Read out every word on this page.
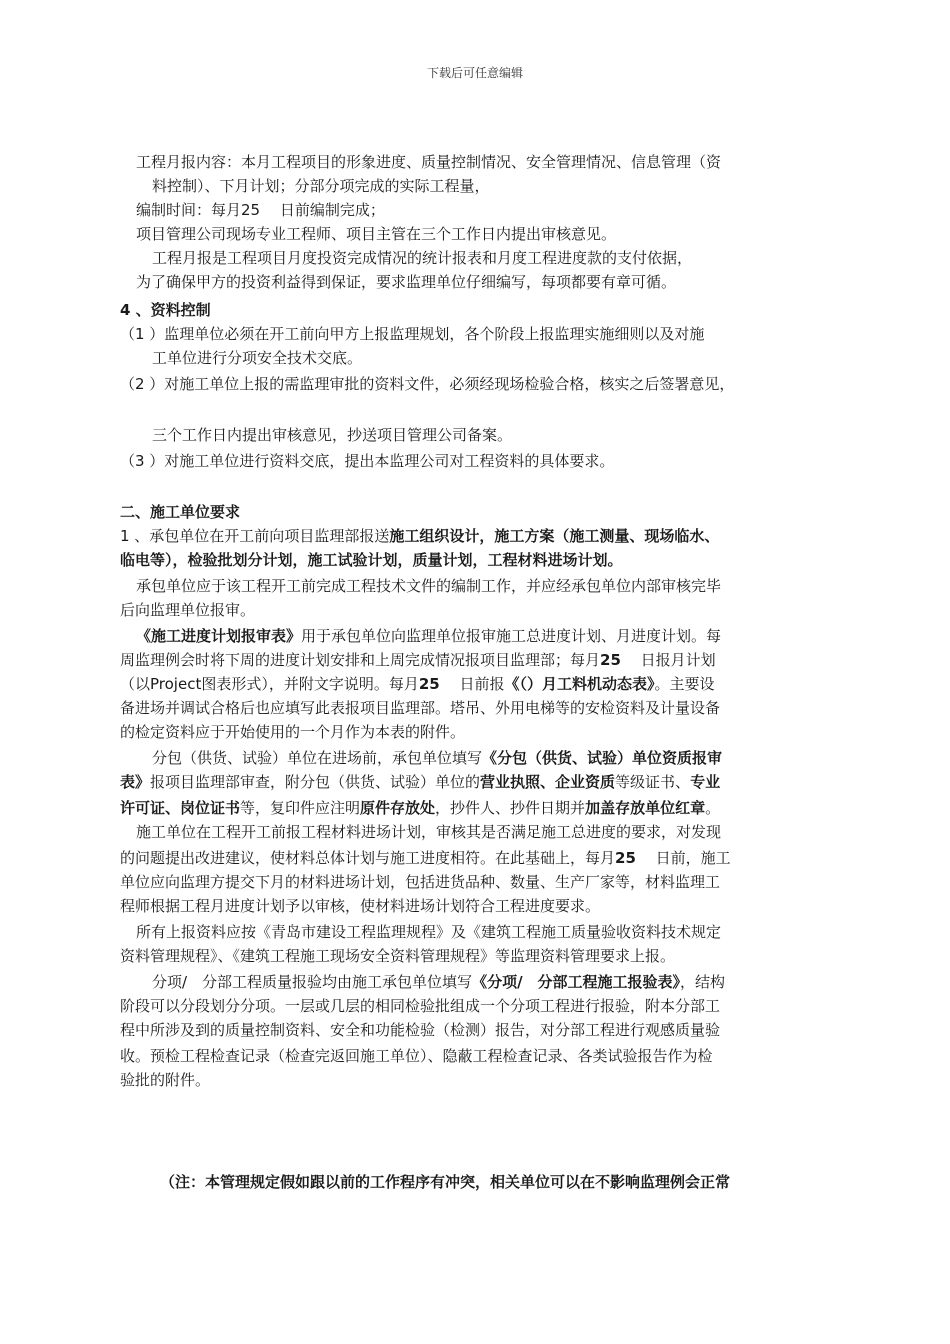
下载后可任意编辑
工程月报内容：本月工程项目的形象进度、质量控制情况、安全管理情况、信息管理（资
料控制）、下月计划；分部分项完成的实际工程量，
编制时间：每月25　 日前编制完成；
项目管理公司现场专业工程师、项目主管在三个工作日内提出审核意见。
工程月报是工程项目月度投资完成情况的统计报表和月度工程进度款的支付依据，
为了确保甲方的投资利益得到保证，要求监理单位仔细编写，每项都要有章可循。
4 、资料控制
（1 ）监理单位必须在开工前向甲方上报监理规划，各个阶段上报监理实施细则以及对施
工单位进行分项安全技术交底。
（2 ）对施工单位上报的需监理审批的资料文件，必须经现场检验合格，核实之后签署意见，
三个工作日内提出审核意见，抄送项目管理公司备案。
（3 ）对施工单位进行资料交底，提出本监理公司对工程资料的具体要求。
二、施工单位要求
1 、承包单位在开工前向项目监理部报送施工组织设计，施工方案（施工测量、现场临水、
临电等），检验批划分计划，施工试验计划，质量计划，工程材料进场计划。
承包单位应于该工程开工前完成工程技术文件的编制工作，并应经承包单位内部审核完毕
后向监理单位报审。
《施工进度计划报审表》用于承包单位向监理单位报审施工总进度计划、月进度计划。每
周监理例会时将下周的进度计划安排和上周完成情况报项目监理部；每月25　 日报月计划
（以Project图表形式），并附文字说明。每月25　 日前报《（）月工料机动态表》。主要设
备进场并调试合格后也应填写此表报项目监理部。塔吊、外用电梯等的安检资料及计量设备
的检定资料应于开始使用的一个月作为本表的附件。
分包（供货、试验）单位在进场前，承包单位填写《分包（供货、试验）单位资质报审
表》报项目监理部审查，附分包（供货、试验）单位的营业执照、企业资质等级证书、专业
许可证、岗位证书等，复印件应注明原件存放处，抄件人、抄件日期并加盖存放单位红章。
施工单位在工程开工前报工程材料进场计划，审核其是否满足施工总进度的要求，对发现
的问题提出改进建议，使材料总体计划与施工进度相符。在此基础上，每月25　 日前，施工
单位应向监理方提交下月的材料进场计划，包括进货品种、数量、生产厂家等，材料监理工
程师根据工程月进度计划予以审核，使材料进场计划符合工程进度要求。
所有上报资料应按《青岛市建设工程监理规程》及《建筑工程施工质量验收资料技术规定
资料管理规程》、《建筑工程施工现场安全资料管理规程》等监理资料管理要求上报。
分项/　分部工程质量报验均由施工承包单位填写《分项/　分部工程施工报验表》，结构
阶段可以分段划分分项。一层或几层的相同检验批组成一个分项工程进行报验，附本分部工
程中所涉及到的质量控制资料、安全和功能检验（检测）报告，对分部工程进行观感质量验
收。预检工程检查记录（检查完返回施工单位）、隐蔽工程检查记录、各类试验报告作为检
验批的附件。
（注：本管理规定假如跟以前的工作程序有冲突，相关单位可以在不影响监理例会正常
